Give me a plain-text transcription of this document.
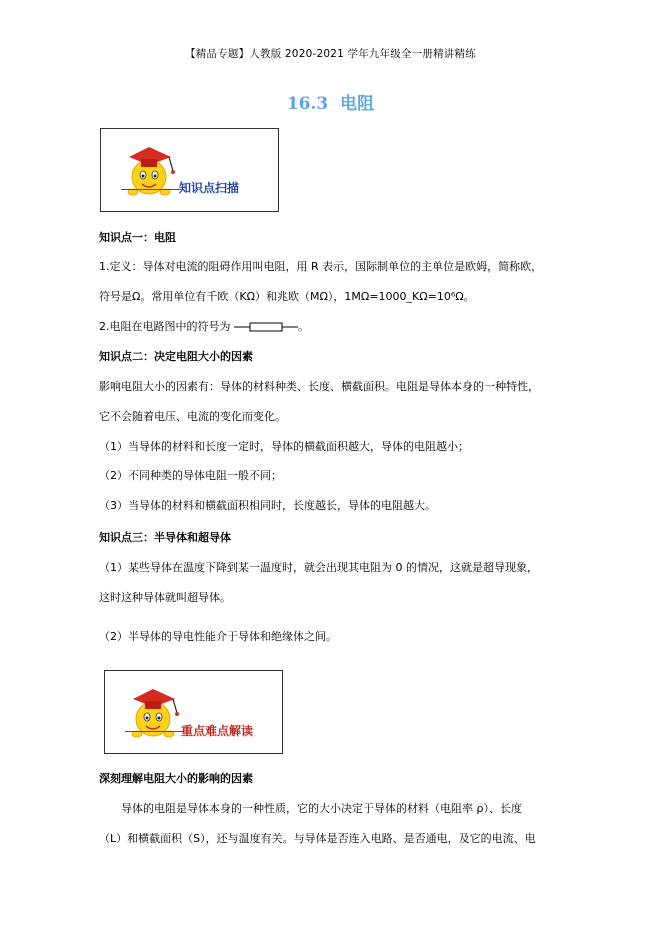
【精品专题】人教版 2020-2021 学年九年级全一册精讲精练
16.3 电阻
知识点扫描
知识点一：电阻
1.定义：导体对电流的阻碍作用叫电阻，用 R 表示，国际制单位的主单位是欧姆，简称欧，
符号是Ω。常用单位有千欧（KΩ）和兆欧（MΩ），1MΩ=1000_KΩ=10⁶Ω。
2.电阻在电路图中的符号为	。
知识点二：决定电阻大小的因素
影响电阻大小的因素有：导体的材料种类、长度、横截面积。电阻是导体本身的一种特性，
它不会随着电压、电流的变化而变化。
（1）当导体的材料和长度一定时，导体的横截面积越大，导体的电阻越小；
（2）不同种类的导体电阻一般不同；
（3）当导体的材料和横截面积相同时，长度越长，导体的电阻越大。
知识点三：半导体和超导体
（1）某些导体在温度下降到某一温度时，就会出现其电阻为 0 的情况，这就是超导现象，
这时这种导体就叫超导体。
（2）半导体的导电性能介于导体和绝缘体之间。
重点难点解读
深刻理解电阻大小的影响的因素
导体的电阻是导体本身的一种性质，它的大小决定于导体的材料（电阻率 ρ）、长度
（L）和横截面积（S），还与温度有关。与导体是否连入电路、是否通电，及它的电流、电
